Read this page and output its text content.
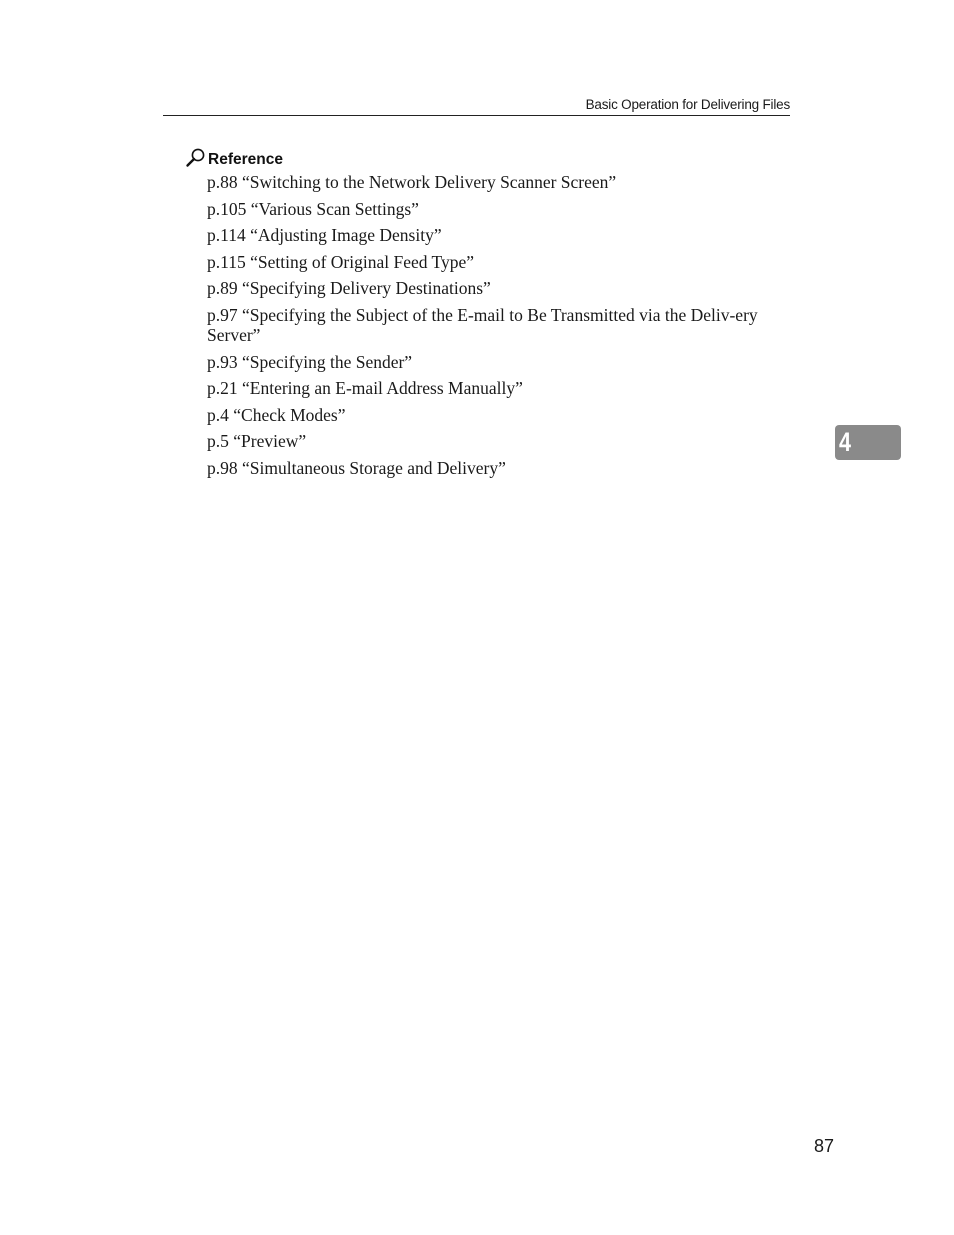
Basic Operation for Delivering Files
Reference
p.88 “Switching to the Network Delivery Scanner Screen”
p.105 “Various Scan Settings”
p.114 “Adjusting Image Density”
p.115 “Setting of Original Feed Type”
p.89 “Specifying Delivery Destinations”
p.97 “Specifying the Subject of the E-mail to Be Transmitted via the Deliv-ery Server”
p.93 “Specifying the Sender”
p.21 “Entering an E-mail Address Manually”
p.4 “Check Modes”
p.5 “Preview”
p.98 “Simultaneous Storage and Delivery”
4
87
